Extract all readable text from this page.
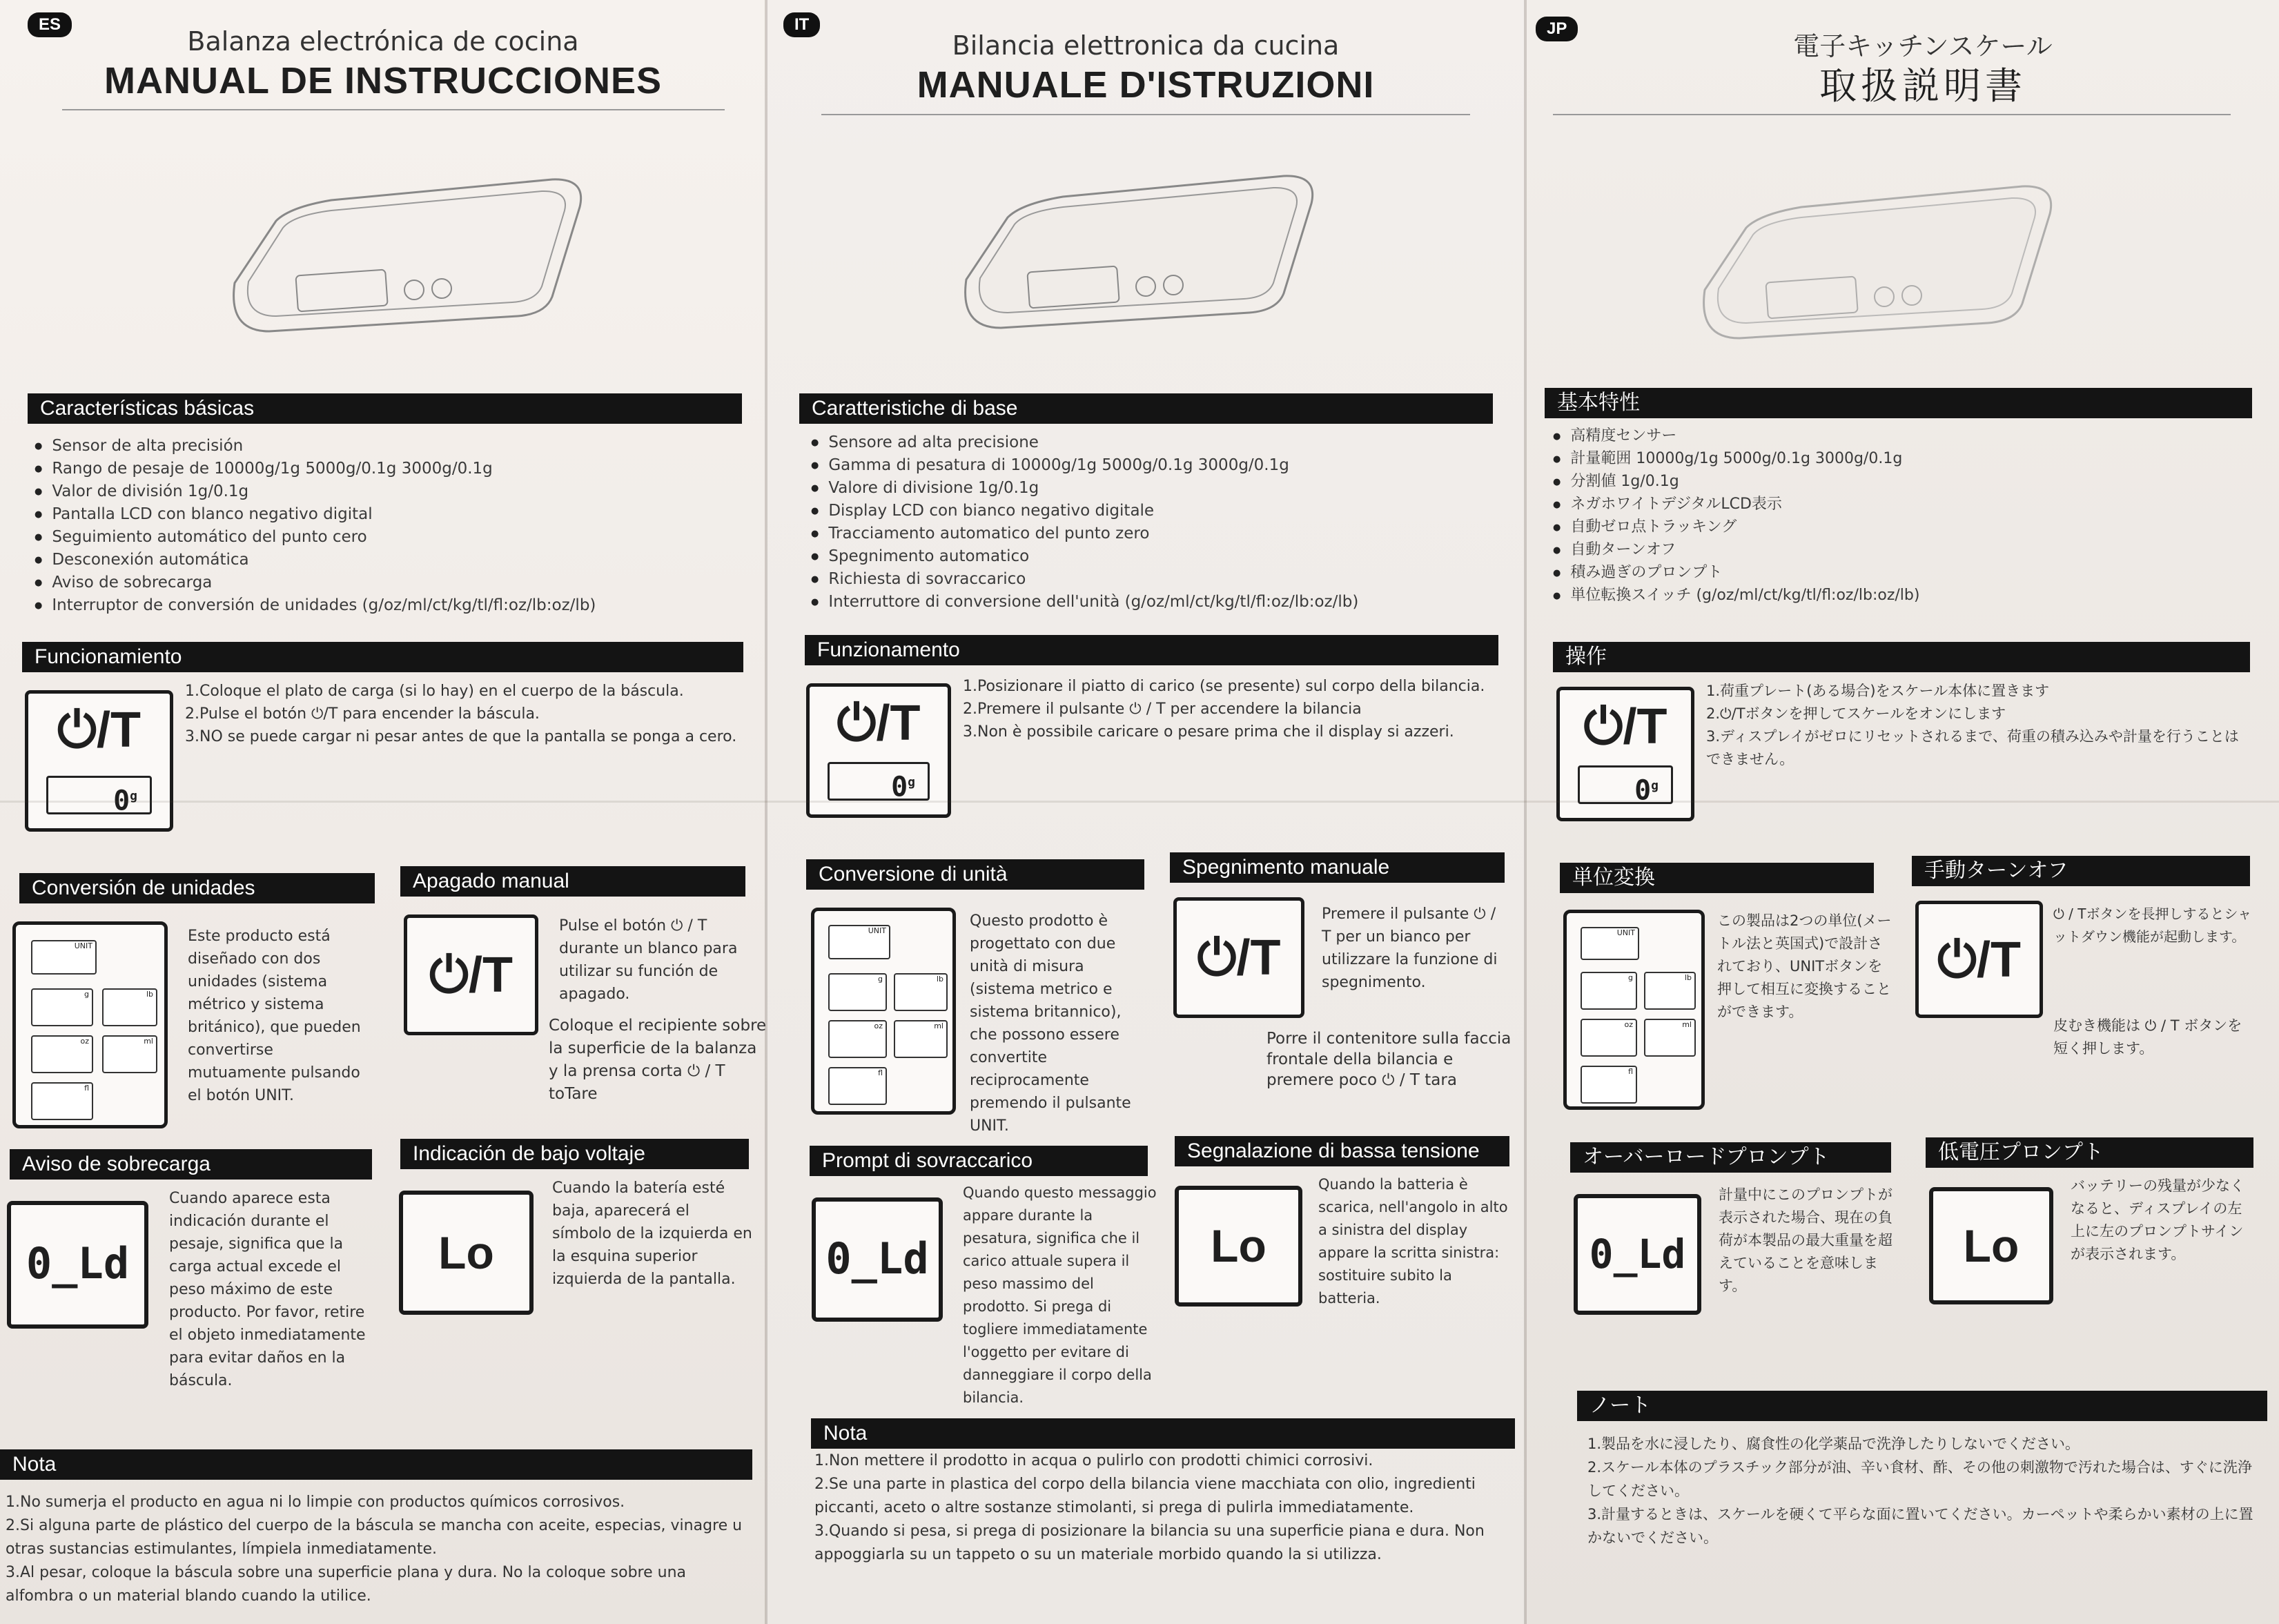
ES
Balanza electrónica de cocina
MANUAL DE INSTRUCCIONES
Características básicas
● Sensor de alta precisión
● Rango de pesaje de 10000g/1g 5000g/0.1g 3000g/0.1g
● Valor de división 1g/0.1g
● Pantalla LCD con blanco negativo digital
● Seguimiento automático del punto cero
● Desconexión automática
● Aviso de sobrecarga
● Interruptor de conversión de unidades (g/oz/ml/ct/kg/tl/fl:oz/lb:oz/lb)
Funcionamiento
⏻/T
0$^g$
1.Coloque el plato de carga (si lo hay) en el cuerpo de la báscula.
2.Pulse el botón ⏻/T para encender la báscula.
3.NO se puede cargar ni pesar antes de que la pantalla se ponga a cero.
Conversión de unidades
UNIT
g	lb
oz	ml
fl
Este producto está diseñado con dos unidades (sistema métrico y sistema británico), que pueden convertirse mutuamente pulsando el botón UNIT.
Apagado manual
⏻/T
Pulse el botón ⏻ / T durante un blanco para utilizar su función de apagado.
Coloque el recipiente sobre la superficie de la balanza y la prensa corta ⏻ / T toTare
Aviso de sobrecarga
0_Ld
Cuando aparece esta indicación durante el pesaje, significa que la carga actual excede el peso máximo de este producto. Por favor, retire el objeto inmediatamente para evitar daños en la báscula.
Indicación de bajo voltaje
Lo
Cuando la batería esté baja, aparecerá el símbolo de la izquierda en la esquina superior izquierda de la pantalla.
Nota

1.No sumerja el producto en agua ni lo limpie con productos químicos corrosivos.

2.Si alguna parte de plástico del cuerpo de la báscula se mancha con aceite, especias, vinagre u otras sustancias estimulantes, límpiela inmediatamente.

3.Al pesar, coloque la báscula sobre una superficie plana y dura. No la coloque sobre una alfombra o un material blando cuando la utilice.

IT
Bilancia elettronica da cucina
MANUALE D'ISTRUZIONI
Caratteristiche di base
● Sensore ad alta precisione
● Gamma di pesatura di 10000g/1g 5000g/0.1g 3000g/0.1g
● Valore di divisione 1g/0.1g
● Display LCD con bianco negativo digitale
● Tracciamento automatico del punto zero
● Spegnimento automatico
● Richiesta di sovraccarico
● Interruttore di conversione dell'unità (g/oz/ml/ct/kg/tl/fl:oz/lb:oz/lb)
Funzionamento
⏻/T
0$^g$
1.Posizionare il piatto di carico (se presente) sul corpo della bilancia.
2.Premere il pulsante ⏻ / T per accendere la bilancia
3.Non è possibile caricare o pesare prima che il display si azzeri.
Conversione di unità
UNIT
g	lb
oz	ml
fl
Questo prodotto è progettato con due unità di misura (sistema metrico e sistema britannico), che possono essere convertite reciprocamente premendo il pulsante UNIT.
Spegnimento manuale
⏻/T
Premere il pulsante ⏻ / T per un bianco per utilizzare la funzione di spegnimento.
Porre il contenitore sulla faccia frontale della bilancia e premere poco ⏻ / T tara
Prompt di sovraccarico
0_Ld
Quando questo messaggio appare durante la pesatura, significa che il carico attuale supera il peso massimo del prodotto. Si prega di togliere immediatamente l'oggetto per evitare di danneggiare il corpo della bilancia.
Segnalazione di bassa tensione
Lo
Quando la batteria è scarica, nell'angolo in alto a sinistra del display appare la scritta sinistra: sostituire subito la batteria.
Nota

1.Non mettere il prodotto in acqua o pulirlo con prodotti chimici corrosivi.

2.Se una parte in plastica del corpo della bilancia viene macchiata con olio, ingredienti piccanti, aceto o altre sostanze stimolanti, si prega di pulirla immediatamente.

3.Quando si pesa, si prega di posizionare la bilancia su una superficie piana e dura. Non appoggiarla su un tappeto o su un materiale morbido quando la si utilizza.

JP
電子キッチンスケール
取扱説明書
基本特性
● 高精度センサー
● 計量範囲 10000g/1g 5000g/0.1g 3000g/0.1g
● 分割値 1g/0.1g
● ネガホワイトデジタルLCD表示
● 自動ゼロ点トラッキング
● 自動ターンオフ
● 積み過ぎのプロンプト
● 単位転換スイッチ (g/oz/ml/ct/kg/tl/fl:oz/lb:oz/lb)
操作
⏻/T
0$^g$
1.荷重プレート(ある場合)をスケール本体に置きます
2.⏻/Tボタンを押してスケールをオンにします
3.ディスプレイがゼロにリセットされるまで、荷重の積み込みや計量を行うことはできません。
単位変換
UNIT
g	lb
oz	ml
fl
この製品は2つの単位(メートル法と英国式)で設計されており、UNITボタンを押して相互に変換することができます。
手動ターンオフ
⏻/T
⏻ / Tボタンを長押しするとシャットダウン機能が起動します。
皮むき機能は ⏻ / T ボタンを短く押します。
オーバーロードプロンプト
0_Ld
計量中にこのプロンプトが表示された場合、現在の負荷が本製品の最大重量を超えていることを意味します。
低電圧プロンプト
Lo
バッテリーの残量が少なくなると、ディスプレイの左上に左のプロンプトサインが表示されます。
ノート

1.製品を水に浸したり、腐食性の化学薬品で洗浄したりしないでください。

2.スケール本体のプラスチック部分が油、辛い食材、酢、その他の刺激物で汚れた場合は、すぐに洗浄してください。

3.計量するときは、スケールを硬くて平らな面に置いてください。カーペットや柔らかい素材の上に置かないでください。
